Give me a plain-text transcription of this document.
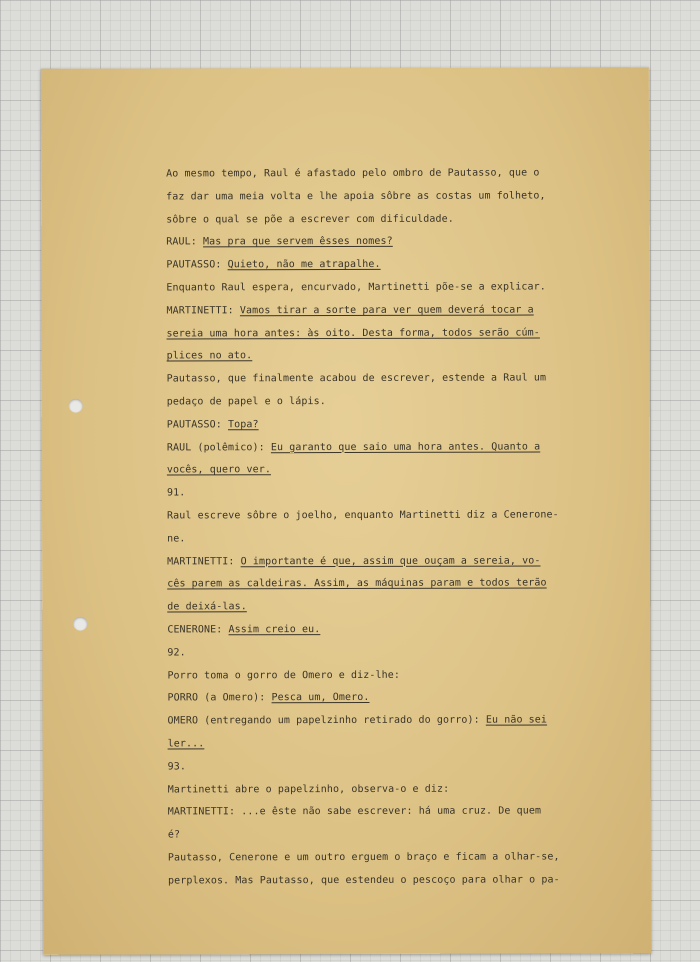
Ao mesmo tempo, Raul é afastado pelo ombro de Pautasso, que o
faz dar uma meia volta e lhe apoia sôbre as costas um folheto,
sôbre o qual se põe a escrever com dificuldade.
RAUL: Mas pra que servem êsses nomes?
PAUTASSO: Quieto, não me atrapalhe.
Enquanto Raul espera, encurvado, Martinetti põe-se a explicar.
MARTINETTI: Vamos tirar a sorte para ver quem deverá tocar a
sereia uma hora antes: às oito. Desta forma, todos serão cúm-
plices no ato.
Pautasso, que finalmente acabou de escrever, estende a Raul um
pedaço de papel e o lápis.
PAUTASSO: Topa?
RAUL (polêmico): Eu garanto que saio uma hora antes. Quanto a
vocês, quero ver.
91.
Raul escreve sôbre o joelho, enquanto Martinetti diz a Cenerone-
ne.
MARTINETTI: O importante é que, assim que ouçam a sereia, vo-
cês parem as caldeiras. Assim, as máquinas param e todos terão
de deixá-las.
CENERONE: Assim creio eu.
92.
Porro toma o gorro de Omero e diz-lhe:
PORRO (a Omero): Pesca um, Omero.
OMERO (entregando um papelzinho retirado do gorro): Eu não sei
ler...
93.
Martinetti abre o papelzinho, observa-o e diz:
MARTINETTI: ...e êste não sabe escrever: há uma cruz. De quem
é?
Pautasso, Cenerone e um outro erguem o braço e ficam a olhar-se,
perplexos. Mas Pautasso, que estendeu o pescoço para olhar o pa-
